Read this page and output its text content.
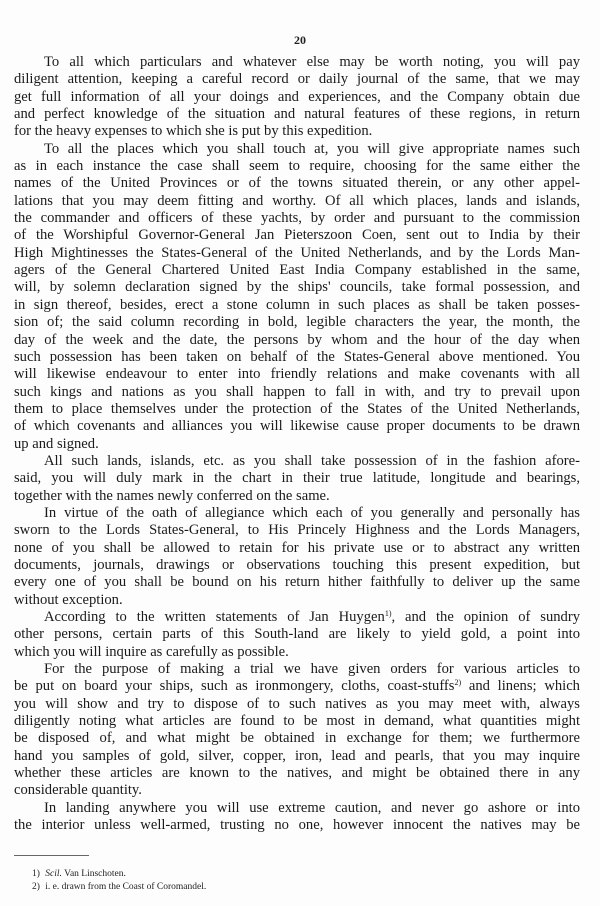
20
To all which particulars and whatever else may be worth noting, you will pay
diligent attention, keeping a careful record or daily journal of the same, that we may
get full information of all your doings and experiences, and the Company obtain due
and perfect knowledge of the situation and natural features of these regions, in return
for the heavy expenses to which she is put by this expedition.
To all the places which you shall touch at, you will give appropriate names such
as in each instance the case shall seem to require, choosing for the same either the
names of the United Provinces or of the towns situated therein, or any other appel-
lations that you may deem fitting and worthy. Of all which places, lands and islands,
the commander and officers of these yachts, by order and pursuant to the commission
of the Worshipful Governor-General Jan Pieterszoon Coen, sent out to India by their
High Mightinesses the States-General of the United Netherlands, and by the Lords Man-
agers of the General Chartered United East India Company established in the same,
will, by solemn declaration signed by the ships' councils, take formal possession, and
in sign thereof, besides, erect a stone column in such places as shall be taken posses-
sion of; the said column recording in bold, legible characters the year, the month, the
day of the week and the date, the persons by whom and the hour of the day when
such possession has been taken on behalf of the States-General above mentioned. You
will likewise endeavour to enter into friendly relations and make covenants with all
such kings and nations as you shall happen to fall in with, and try to prevail upon
them to place themselves under the protection of the States of the United Netherlands,
of which covenants and alliances you will likewise cause proper documents to be drawn
up and signed.
All such lands, islands, etc. as you shall take possession of in the fashion afore-
said, you will duly mark in the chart in their true latitude, longitude and bearings,
together with the names newly conferred on the same.
In virtue of the oath of allegiance which each of you generally and personally has
sworn to the Lords States-General, to His Princely Highness and the Lords Managers,
none of you shall be allowed to retain for his private use or to abstract any written
documents, journals, drawings or observations touching this present expedition, but
every one of you shall be bound on his return hither faithfully to deliver up the same
without exception.
According to the written statements of Jan Huygen$^{1)}$, and the opinion of sundry
other persons, certain parts of this South-land are likely to yield gold, a point into
which you will inquire as carefully as possible.
For the purpose of making a trial we have given orders for various articles to
be put on board your ships, such as ironmongery, cloths, coast-stuffs$^{2)}$ and linens; which
you will show and try to dispose of to such natives as you may meet with, always
diligently noting what articles are found to be most in demand, what quantities might
be disposed of, and what might be obtained in exchange for them; we furthermore
hand you samples of gold, silver, copper, iron, lead and pearls, that you may inquire
whether these articles are known to the natives, and might be obtained there in any
considerable quantity.
In landing anywhere you will use extreme caution, and never go ashore or into
the interior unless well-armed, trusting no one, however innocent the natives may be
1) Scil. Van Linschoten.
2) i. e. drawn from the Coast of Coromandel.
